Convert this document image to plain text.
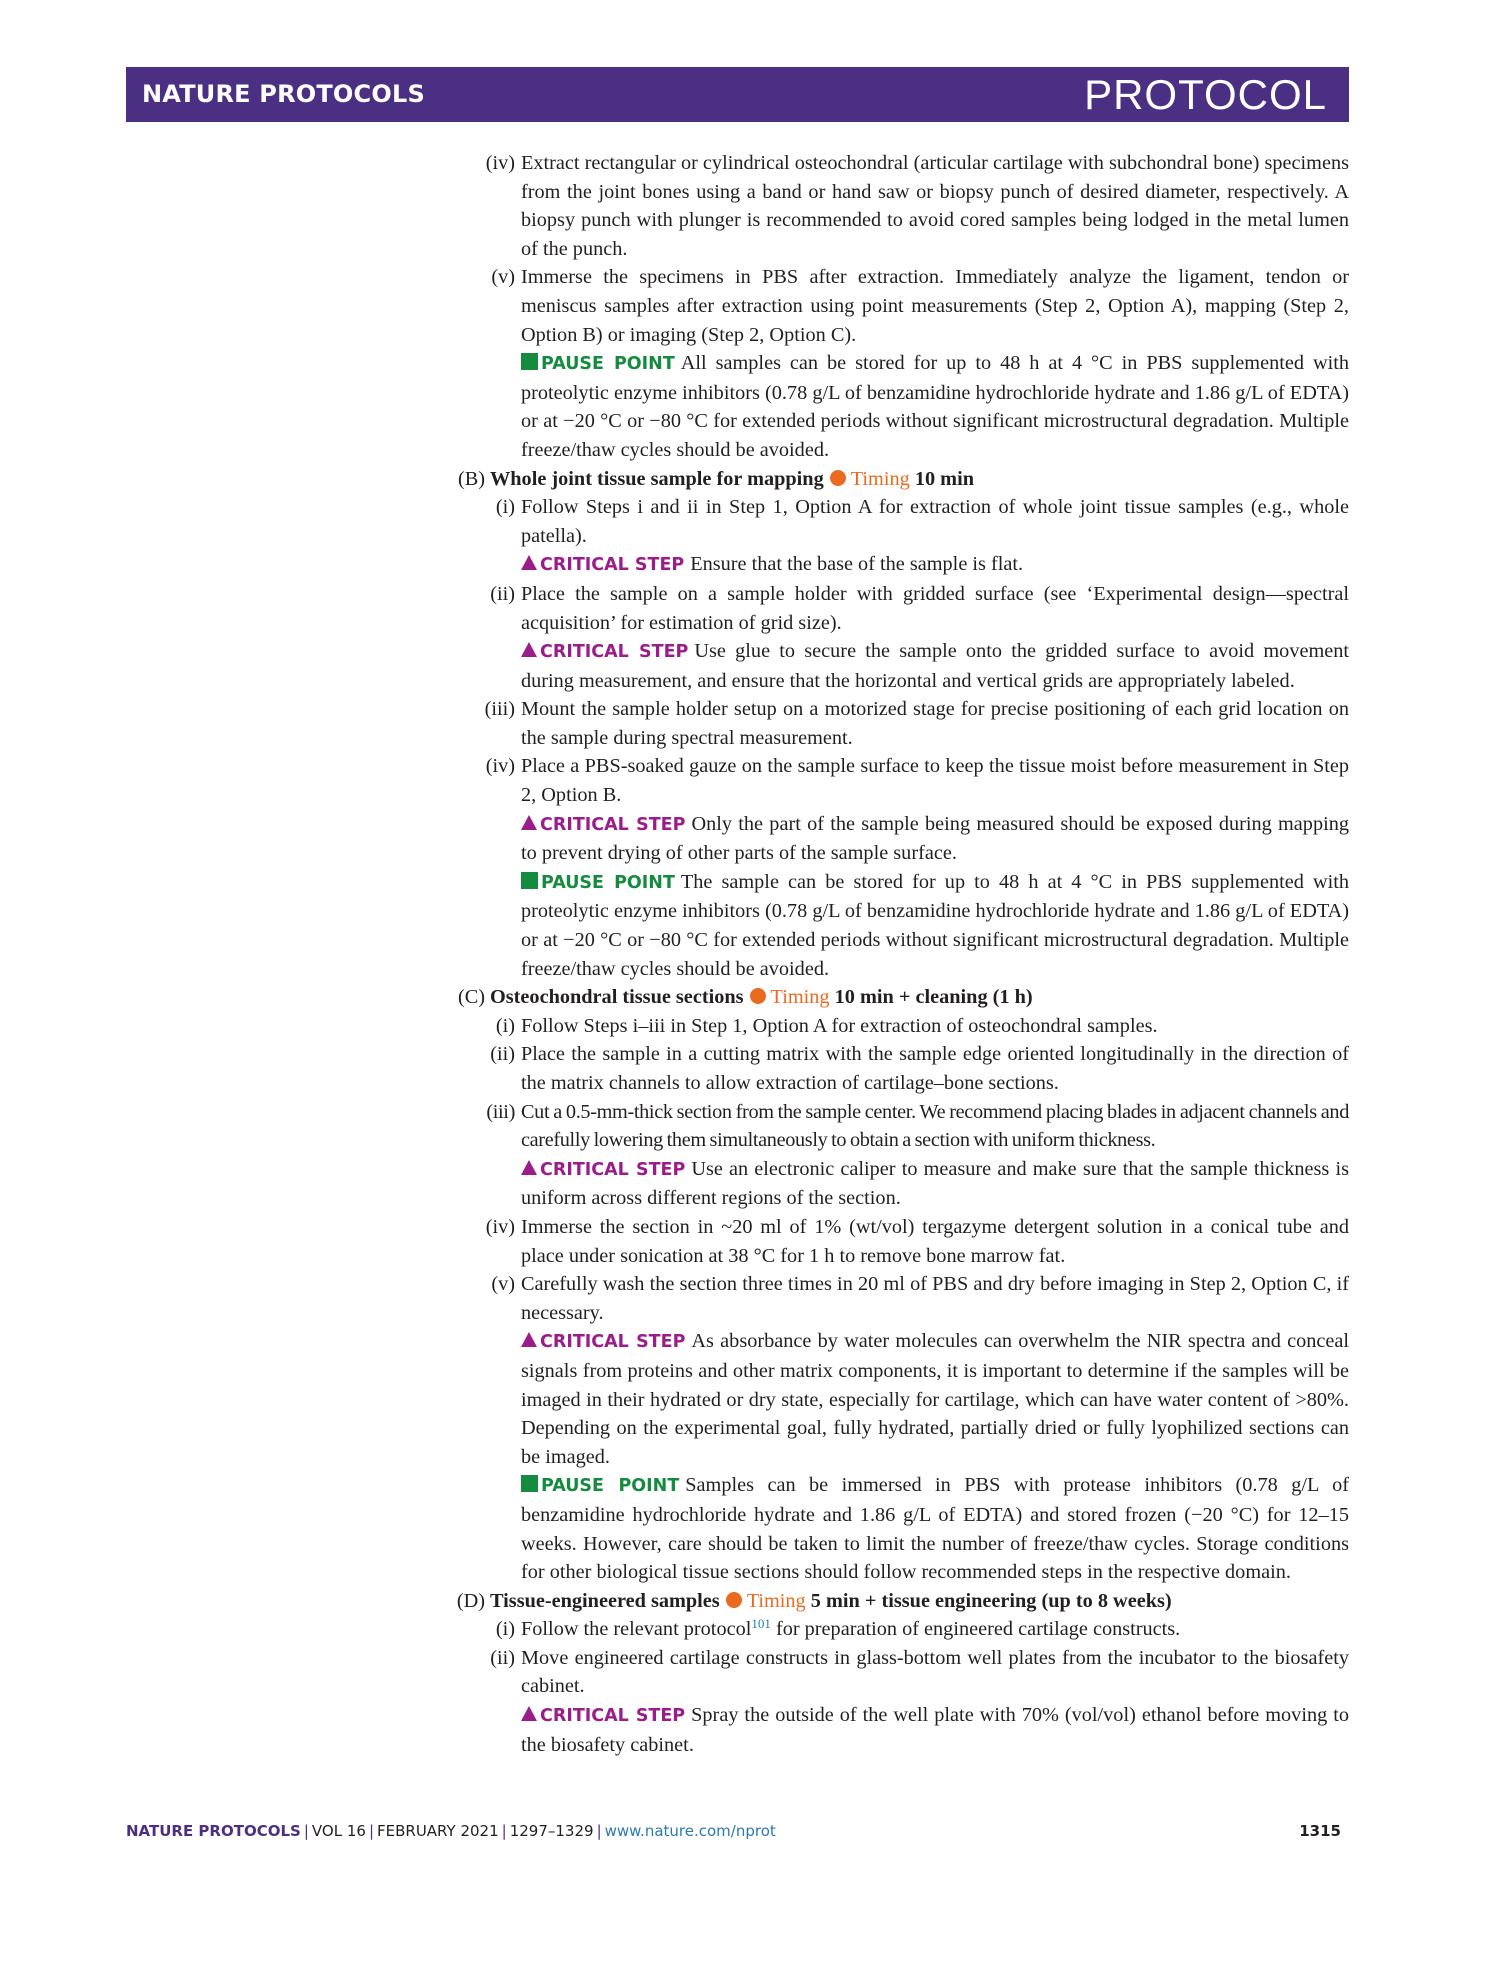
NATURE PROTOCOLS	PROTOCOL
(iv) Extract rectangular or cylindrical osteochondral (articular cartilage with subchondral bone) specimens from the joint bones using a band or hand saw or biopsy punch of desired diameter, respectively. A biopsy punch with plunger is recommended to avoid cored samples being lodged in the metal lumen of the punch.
(v) Immerse the specimens in PBS after extraction. Immediately analyze the ligament, tendon or meniscus samples after extraction using point measurements (Step 2, Option A), mapping (Step 2, Option B) or imaging (Step 2, Option C).
PAUSE POINT All samples can be stored for up to 48 h at 4 °C in PBS supplemented with proteolytic enzyme inhibitors (0.78 g/L of benzamidine hydrochloride hydrate and 1.86 g/L of EDTA) or at −20 °C or −80 °C for extended periods without significant microstructural degradation. Multiple freeze/thaw cycles should be avoided.
(B) Whole joint tissue sample for mapping Timing 10 min
(i) Follow Steps i and ii in Step 1, Option A for extraction of whole joint tissue samples (e.g., whole patella).
CRITICAL STEP Ensure that the base of the sample is flat.
(ii) Place the sample on a sample holder with gridded surface (see ‘Experimental design—spectral acquisition’ for estimation of grid size).
CRITICAL STEP Use glue to secure the sample onto the gridded surface to avoid movement during measurement, and ensure that the horizontal and vertical grids are appropriately labeled.
(iii) Mount the sample holder setup on a motorized stage for precise positioning of each grid location on the sample during spectral measurement.
(iv) Place a PBS-soaked gauze on the sample surface to keep the tissue moist before measurement in Step 2, Option B.
CRITICAL STEP Only the part of the sample being measured should be exposed during mapping to prevent drying of other parts of the sample surface.
PAUSE POINT The sample can be stored for up to 48 h at 4 °C in PBS supplemented with proteolytic enzyme inhibitors (0.78 g/L of benzamidine hydrochloride hydrate and 1.86 g/L of EDTA) or at −20 °C or −80 °C for extended periods without significant microstructural degradation. Multiple freeze/thaw cycles should be avoided.
(C) Osteochondral tissue sections Timing 10 min + cleaning (1 h)
(i) Follow Steps i–iii in Step 1, Option A for extraction of osteochondral samples.
(ii) Place the sample in a cutting matrix with the sample edge oriented longitudinally in the direction of the matrix channels to allow extraction of cartilage–bone sections.
(iii) Cut a 0.5-mm-thick section from the sample center. We recommend placing blades in adjacent channels and carefully lowering them simultaneously to obtain a section with uniform thickness.
CRITICAL STEP Use an electronic caliper to measure and make sure that the sample thickness is uniform across different regions of the section.
(iv) Immerse the section in ~20 ml of 1% (wt/vol) tergazyme detergent solution in a conical tube and place under sonication at 38 °C for 1 h to remove bone marrow fat.
(v) Carefully wash the section three times in 20 ml of PBS and dry before imaging in Step 2, Option C, if necessary.
CRITICAL STEP As absorbance by water molecules can overwhelm the NIR spectra and conceal signals from proteins and other matrix components, it is important to determine if the samples will be imaged in their hydrated or dry state, especially for cartilage, which can have water content of >80%. Depending on the experimental goal, fully hydrated, partially dried or fully lyophilized sections can be imaged.
PAUSE POINT Samples can be immersed in PBS with protease inhibitors (0.78 g/L of benzamidine hydrochloride hydrate and 1.86 g/L of EDTA) and stored frozen (−20 °C) for 12–15 weeks. However, care should be taken to limit the number of freeze/thaw cycles. Storage conditions for other biological tissue sections should follow recommended steps in the respective domain.
(D) Tissue-engineered samples Timing 5 min + tissue engineering (up to 8 weeks)
(i) Follow the relevant protocol$^{101}$ for preparation of engineered cartilage constructs.
(ii) Move engineered cartilage constructs in glass-bottom well plates from the incubator to the biosafety cabinet.
CRITICAL STEP Spray the outside of the well plate with 70% (vol/vol) ethanol before moving to the biosafety cabinet.
NATURE PROTOCOLS | VOL 16 | FEBRUARY 2021 | 1297–1329 | www.nature.com/nprot	1315
